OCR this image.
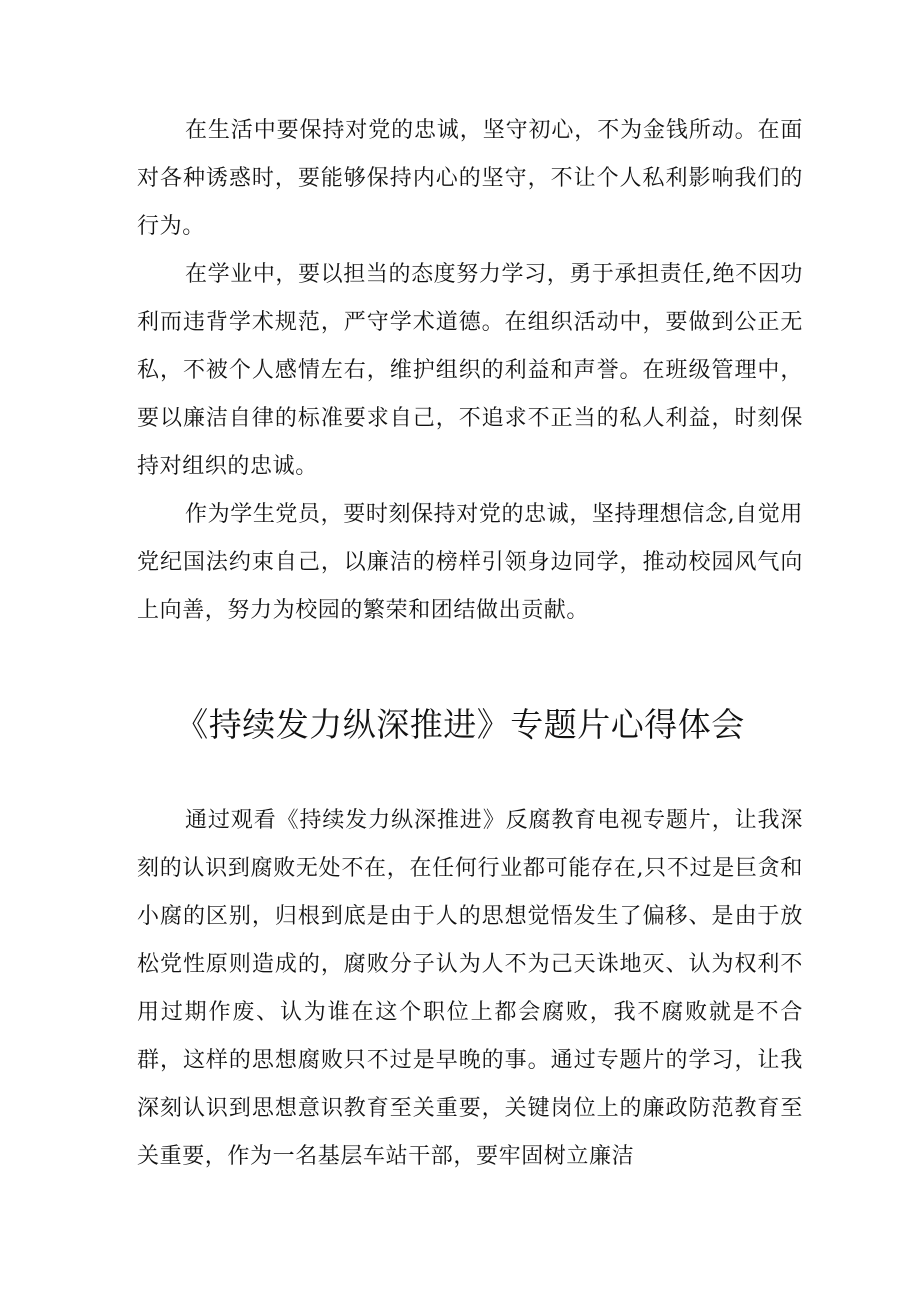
在生活中要保持对党的忠诚，坚守初心，不为金钱所动。在面对各种诱惑时，要能够保持内心的坚守，不让个人私利影响我们的行为。

在学业中，要以担当的态度努力学习，勇于承担责任,绝不因功利而违背学术规范，严守学术道德。在组织活动中，要做到公正无私，不被个人感情左右，维护组织的利益和声誉。在班级管理中，要以廉洁自律的标准要求自己，不追求不正当的私人利益，时刻保持对组织的忠诚。

作为学生党员，要时刻保持对党的忠诚，坚持理想信念,自觉用党纪国法约束自己，以廉洁的榜样引领身边同学，推动校园风气向上向善，努力为校园的繁荣和团结做出贡献。

《持续发力纵深推进》专题片心得体会

通过观看《持续发力纵深推进》反腐教育电视专题片，让我深刻的认识到腐败无处不在，在任何行业都可能存在,只不过是巨贪和小腐的区别，归根到底是由于人的思想觉悟发生了偏移、是由于放松党性原则造成的，腐败分子认为人不为己天诛地灭、认为权利不用过期作废、认为谁在这个职位上都会腐败，我不腐败就是不合群，这样的思想腐败只不过是早晚的事。通过专题片的学习，让我深刻认识到思想意识教育至关重要，关键岗位上的廉政防范教育至关重要，作为一名基层车站干部，要牢固树立廉洁
